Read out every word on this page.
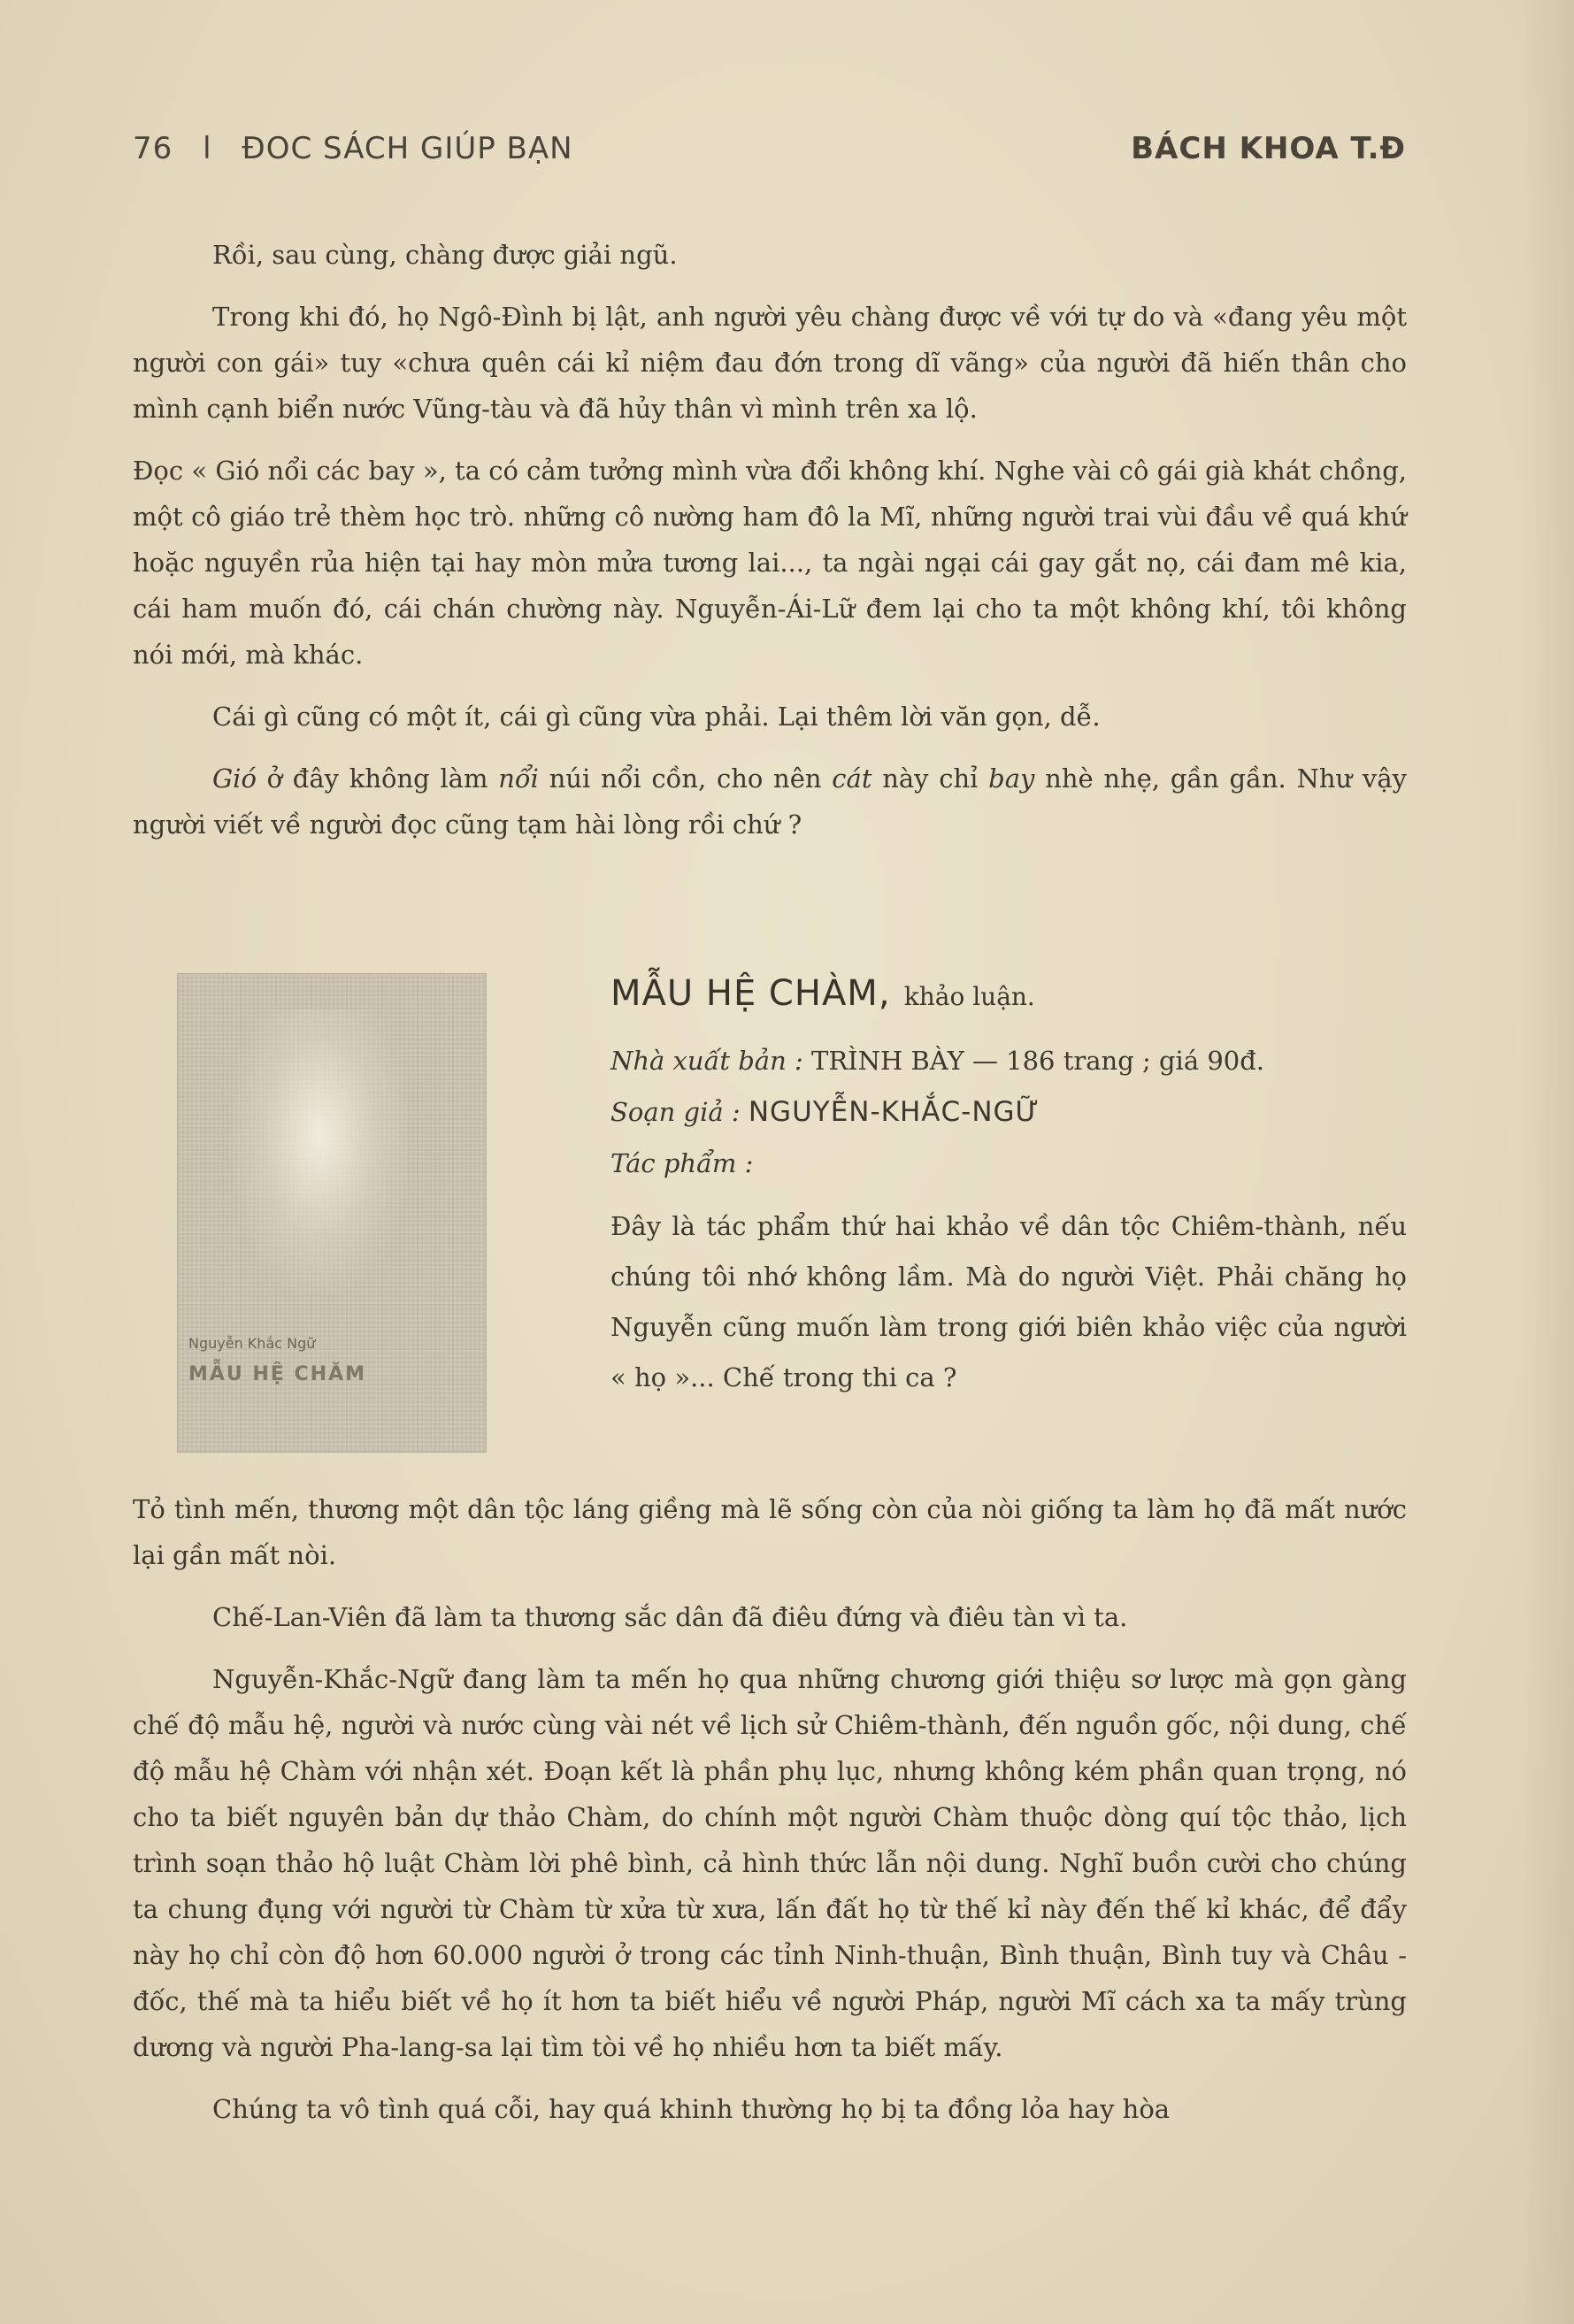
76 l ĐOC SÁCH GIÚP BẠN	BÁCH KHOA T.Đ

Rồi, sau cùng, chàng được giải ngũ.

Trong khi đó, họ Ngô-Đình bị lật, anh người yêu chàng được về với tự do và «đang yêu một người con gái» tuy «chưa quên cái kỉ niệm đau đớn trong dĩ vãng» của người đã hiến thân cho mình cạnh biển nước Vũng-tàu và đã hủy thân vì mình trên xa lộ.

Đọc « Gió nổi các bay », ta có cảm tưởng mình vừa đổi không khí. Nghe vài cô gái già khát chồng, một cô giáo trẻ thèm học trò. những cô nường ham đô la Mĩ, những người trai vùi đầu về quá khứ hoặc nguyền rủa hiện tại hay mòn mửa tương lai..., ta ngài ngại cái gay gắt nọ, cái đam mê kia, cái ham muốn đó, cái chán chường này. Nguyễn-Ái-Lữ đem lại cho ta một không khí, tôi không nói mới, mà khác.

Cái gì cũng có một ít, cái gì cũng vừa phải. Lại thêm lời văn gọn, dễ.

Gió ở đây không làm nổi núi nổi cồn, cho nên cát này chỉ bay nhè nhẹ, gần gần. Như vậy người viết về người đọc cũng tạm hài lòng rồi chứ ?

Nguyễn Khắc Ngữ
MẪU HỆ CHĂM
MẪU HỆ CHÀM, khảo luận.
Nhà xuất bản : TRÌNH BÀY — 186 trang ; giá 90đ.
Soạn giả : NGUYỄN-KHẮC-NGỮ
Tác phẩm :
Đây là tác phẩm thứ hai khảo về dân tộc Chiêm-thành, nếu chúng tôi nhớ không lầm. Mà do người Việt. Phải chăng họ Nguyễn cũng muốn làm trong giới biên khảo việc của người « họ »... Chế trong thi ca ?

Tỏ tình mến, thương một dân tộc láng giềng mà lẽ sống còn của nòi giống ta làm họ đã mất nước lại gần mất nòi.

Chế-Lan-Viên đã làm ta thương sắc dân đã điêu đứng và điêu tàn vì ta.

Nguyễn-Khắc-Ngữ đang làm ta mến họ qua những chương giới thiệu sơ lược mà gọn gàng chế độ mẫu hệ, người và nước cùng vài nét về lịch sử Chiêm-thành, đến nguồn gốc, nội dung, chế độ mẫu hệ Chàm với nhận xét. Đoạn kết là phần phụ lục, nhưng không kém phần quan trọng, nó cho ta biết nguyên bản dự thảo Chàm, do chính một người Chàm thuộc dòng quí tộc thảo, lịch trình soạn thảo hộ luật Chàm lời phê bình, cả hình thức lẫn nội dung. Nghĩ buồn cười cho chúng ta chung đụng với người từ Chàm từ xửa từ xưa, lấn đất họ từ thế kỉ này đến thế kỉ khác, để đẩy này họ chỉ còn độ hơn 60.000 người ở trong các tỉnh Ninh-thuận, Bình thuận, Bình tuy và Châu - đốc, thế mà ta hiểu biết về họ ít hơn ta biết hiểu về người Pháp, người Mĩ cách xa ta mấy trùng dương và người Pha-lang-sa lại tìm tòi về họ nhiều hơn ta biết mấy.

Chúng ta vô tình quá cỗi, hay quá khinh thường họ bị ta đồng lỏa hay hòa
